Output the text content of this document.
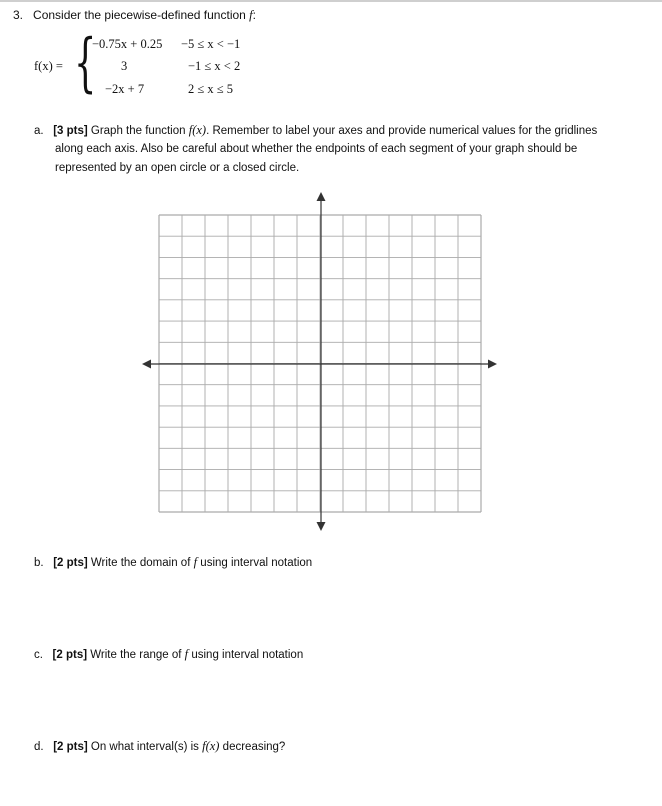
3. Consider the piecewise-defined function f:
f(x) = {
−0.75x + 0.25 −5 ≤ x < −1
3	−1 ≤ x < 2
−2x + 7	2 ≤ x ≤ 5
a. [3 pts] Graph the function f(x). Remember to label your axes and provide numerical values for the gridlines
along each axis. Also be careful about whether the endpoints of each segment of your graph should be
represented by an open circle or a closed circle.
b. [2 pts] Write the domain of f using interval notation
c. [2 pts] Write the range of f using interval notation
d. [2 pts] On what interval(s) is f(x) decreasing?
